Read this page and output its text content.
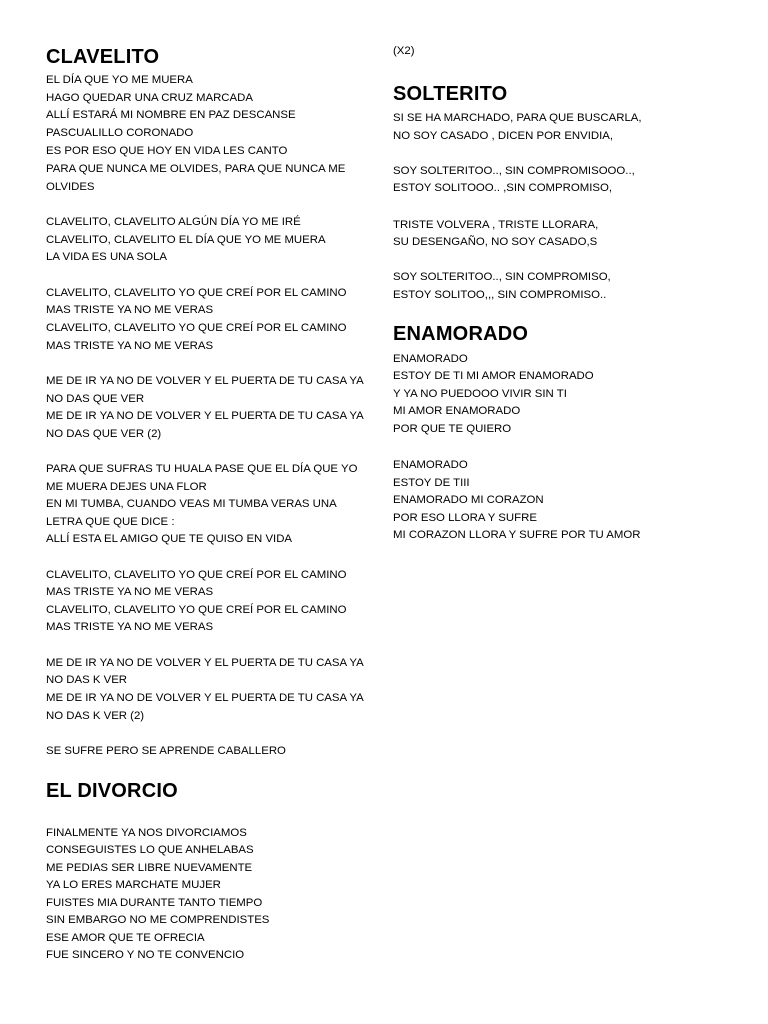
CLAVELITO
EL DÍA QUE YO ME MUERA
HAGO QUEDAR UNA CRUZ MARCADA
ALLÍ ESTARÁ MI NOMBRE EN PAZ DESCANSE
PASCUALILLO CORONADO
ES POR ESO QUE HOY EN VIDA LES CANTO
PARA QUE NUNCA ME OLVIDES, PARA QUE NUNCA ME
OLVIDES
CLAVELITO, CLAVELITO ALGÚN DÍA YO ME IRÉ
CLAVELITO, CLAVELITO EL DÍA QUE YO ME MUERA
LA VIDA ES UNA SOLA
CLAVELITO, CLAVELITO YO QUE CREÍ POR EL CAMINO
MAS TRISTE YA NO ME VERAS
CLAVELITO, CLAVELITO YO QUE CREÍ POR EL CAMINO
MAS TRISTE YA NO ME VERAS
ME DE IR YA NO DE VOLVER Y EL PUERTA DE TU CASA YA
NO DAS QUE VER
ME DE IR YA NO DE VOLVER Y EL PUERTA DE TU CASA YA
NO DAS QUE VER (2)
PARA QUE SUFRAS TU HUALA PASE QUE EL DÍA QUE YO
ME MUERA DEJES UNA FLOR
EN MI TUMBA, CUANDO VEAS MI TUMBA VERAS UNA
LETRA QUE QUE DICE :
ALLÍ ESTA EL AMIGO QUE TE QUISO EN VIDA
CLAVELITO, CLAVELITO YO QUE CREÍ POR EL CAMINO
MAS TRISTE YA NO ME VERAS
CLAVELITO, CLAVELITO YO QUE CREÍ POR EL CAMINO
MAS TRISTE YA NO ME VERAS
ME DE IR YA NO DE VOLVER Y EL PUERTA DE TU CASA YA
NO DAS K VER
ME DE IR YA NO DE VOLVER Y EL PUERTA DE TU CASA YA
NO DAS K VER (2)
SE SUFRE PERO SE APRENDE CABALLERO
EL DIVORCIO
FINALMENTE YA NOS DIVORCIAMOS
CONSEGUISTES LO QUE ANHELABAS
ME PEDIAS SER LIBRE NUEVAMENTE
YA LO ERES MARCHATE MUJER
FUISTES MIA DURANTE TANTO TIEMPO
SIN EMBARGO NO ME COMPRENDISTES
ESE AMOR QUE TE OFRECIA
FUE SINCERO Y NO TE CONVENCIO
(X2)
SOLTERITO
SI SE HA MARCHADO, PARA QUE BUSCARLA,
NO SOY CASADO , DICEN POR ENVIDIA,
SOY SOLTERITOO.., SIN COMPROMISOOO..,
ESTOY SOLITOOO.. ,SIN COMPROMISO,
TRISTE VOLVERA , TRISTE LLORARA,
SU DESENGAÑO, NO SOY CASADO,S
SOY SOLTERITOO.., SIN COMPROMISO,
ESTOY SOLITOO,,, SIN COMPROMISO..
ENAMORADO
ENAMORADO
ESTOY DE TI MI AMOR ENAMORADO
Y YA NO PUEDOOO VIVIR SIN TI
MI AMOR ENAMORADO
POR QUE TE QUIERO
ENAMORADO
ESTOY DE TIII
ENAMORADO MI CORAZON
POR ESO LLORA Y SUFRE
MI CORAZON LLORA Y SUFRE POR TU AMOR
